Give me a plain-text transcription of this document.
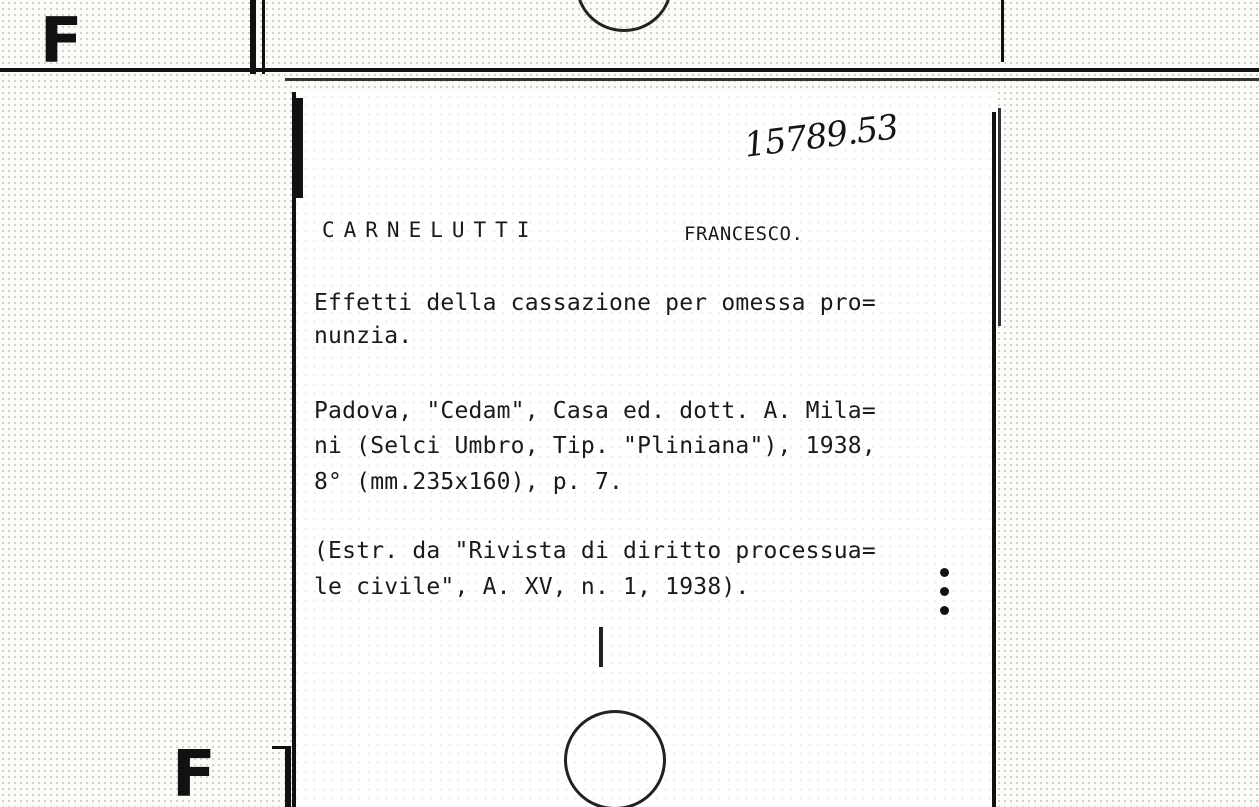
F
15789.53
CARNELUTTI	FRANCESCO.
Effetti della cassazione per omessa pro=
nunzia.
Padova, "Cedam", Casa ed. dott. A. Mila=
ni (Selci Umbro, Tip. "Pliniana"), 1938,
8° (mm.235x160), p. 7.
(Estr. da "Rivista di diritto processua=
le civile", A. XV, n. 1, 1938).
F
